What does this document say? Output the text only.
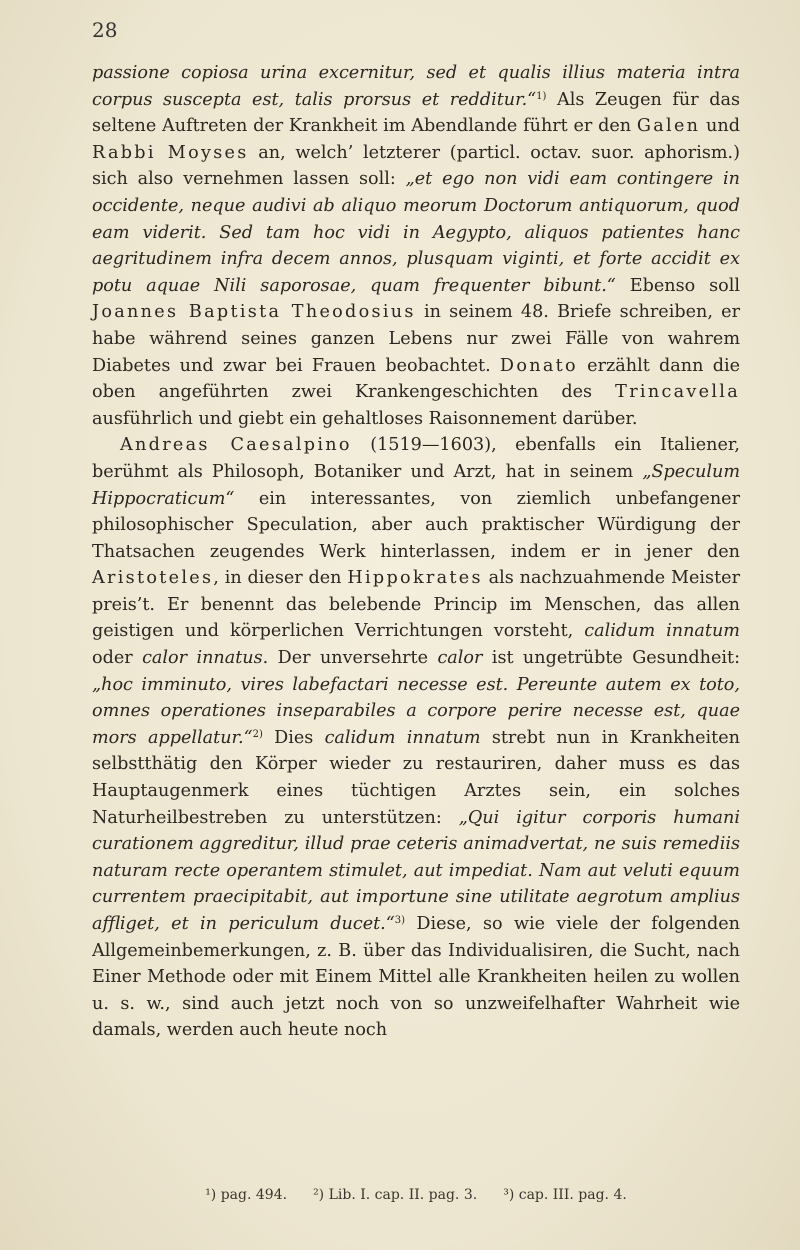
28

passione copiosa urina excernitur, sed et qualis illius materia intra corpus suscepta est, talis prorsus et redditur.“$^{1)}$ Als Zeugen für das seltene Auftreten der Krankheit im Abendlande führt er den Galen und Rabbi Moyses an, welch’ letzterer (particl. octav. suor. aphorism.) sich also vernehmen lassen soll: „et ego non vidi eam contingere in occidente, neque audivi ab aliquo meorum Doctorum antiquorum, quod eam viderit. Sed tam hoc vidi in Aegypto, aliquos patientes hanc aegritudinem infra decem annos, plusquam viginti, et forte accidit ex potu aquae Nili saporosae, quam frequenter bibunt.“ Ebenso soll Joannes Baptista Theodosius in seinem 48. Briefe schreiben, er habe während seines ganzen Lebens nur zwei Fälle von wahrem Diabetes und zwar bei Frauen beobachtet. Donato erzählt dann die oben angeführten zwei Krankengeschichten des Trincavella ausführlich und giebt ein gehaltloses Raisonnement darüber.

Andreas Caesalpino (1519—1603), ebenfalls ein Italiener, berühmt als Philosoph, Botaniker und Arzt, hat in seinem „Speculum Hippocraticum“ ein interessantes, von ziemlich unbefangener philosophischer Speculation, aber auch praktischer Würdigung der Thatsachen zeugendes Werk hinterlassen, indem er in jener den Aristoteles, in dieser den Hippokrates als nachzuahmende Meister preis’t. Er benennt das belebende Princip im Menschen, das allen geistigen und körperlichen Verrichtungen vorsteht, calidum innatum oder calor innatus. Der unversehrte calor ist ungetrübte Gesundheit: „hoc imminuto, vires labefactari necesse est. Pereunte autem ex toto, omnes operationes inseparabiles a corpore perire necesse est, quae mors appellatur.“$^{2)}$ Dies calidum innatum strebt nun in Krankheiten selbstthätig den Körper wieder zu restauriren, daher muss es das Hauptaugenmerk eines tüchtigen Arztes sein, ein solches Naturheilbestreben zu unterstützen: „Qui igitur corporis humani curationem aggreditur, illud prae ceteris animadvertat, ne suis remediis naturam recte operantem stimulet, aut impediat. Nam aut veluti equum currentem praecipitabit, aut importune sine utilitate aegrotum amplius affliget, et in periculum ducet.“$^{3)}$ Diese, so wie viele der folgenden Allgemeinbemerkungen, z. B. über das Individualisiren, die Sucht, nach Einer Methode oder mit Einem Mittel alle Krankheiten heilen zu wollen u. s. w., sind auch jetzt noch von so unzweifelhafter Wahrheit wie damals, werden auch heute noch

¹) pag. 494. ²) Lib. I. cap. II. pag. 3. ³) cap. III. pag. 4.
